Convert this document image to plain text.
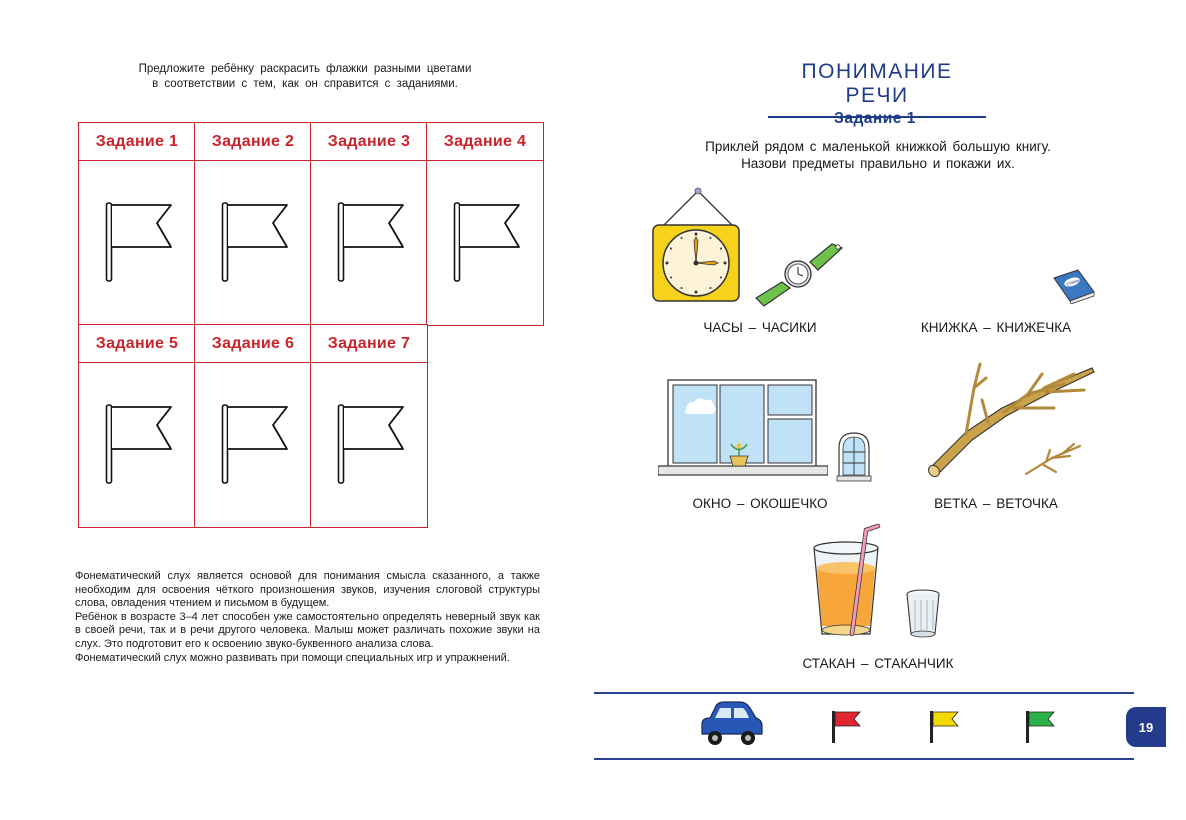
Предложите ребёнку раскрасить флажки разными цветами

в соответствии с тем, как он справится с заданиями.

Задание 1	Задание 2	Задание 3	Задание 4
Задание 5	Задание 6	Задание 7

Фонематический слух является основой для понимания смысла сказанного, а также необходим для освоения чёткого произношения звуков, изучения слоговой структуры слова, овладения чтением и письмом в будущем.

Ребёнок в возрасте 3–4 лет способен уже самостоятельно определять неверный звук как в своей речи, так и в речи другого человека. Малыш может различать похожие звуки на слух. Это подготовит его к освоению звуко-буквенного анализа слова.

Фонематический слух можно развивать при помощи специальных игр и упражнений.

ПОНИМАНИЕ РЕЧИ
Задание 1

Приклей рядом с маленькой книжкой большую книгу.

Назови предметы правильно и покажи их.

стихи
ЧАСЫ – ЧАСИКИ	КНИЖКА – КНИЖЕЧКА
ОКНО – ОКОШЕЧКО	ВЕТКА – ВЕТОЧКА
СТАКАН – СТАКАНЧИК
19
